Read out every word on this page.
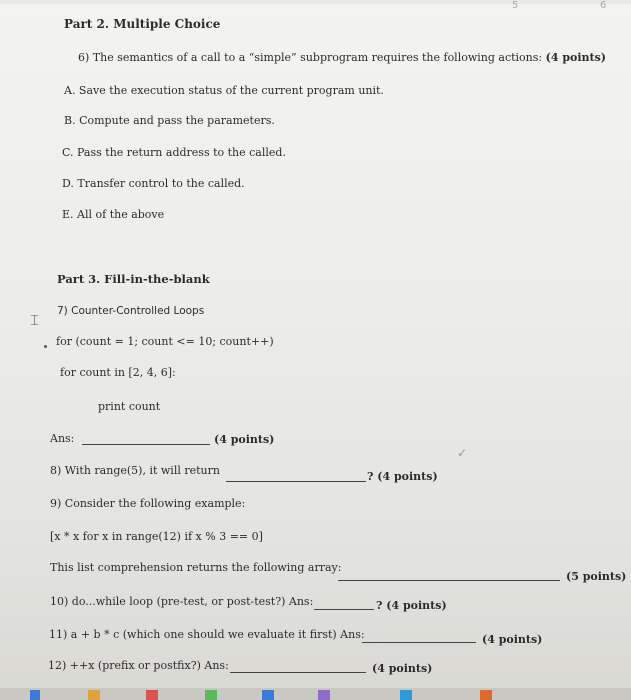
5	6
Part 2. Multiple Choice
6) The semantics of a call to a “simple” subprogram requires the following actions: (4 points)
A. Save the execution status of the current program unit.
B. Compute and pass the parameters.
C. Pass the return address to the called.
D. Transfer control to the called.
E. All of the above
Part 3. Fill-in-the-blank
⌶ 7) Counter-Controlled Loops
for (count = 1; count <= 10; count++)
for count in [2, 4, 6]:
print count
Ans:	(4 points)
✓
8) With range(5), it will return	? (4 points)
9) Consider the following example:
[x * x for x in range(12) if x % 3 == 0]
This list comprehension returns the following array:
(5 points)
10) do...while loop (pre-test, or post-test?) Ans:	? (4 points)
11) a + b * c (which one should we evaluate it first) Ans:	(4 points)
12) ++x (prefix or postfix?) Ans:	(4 points)
